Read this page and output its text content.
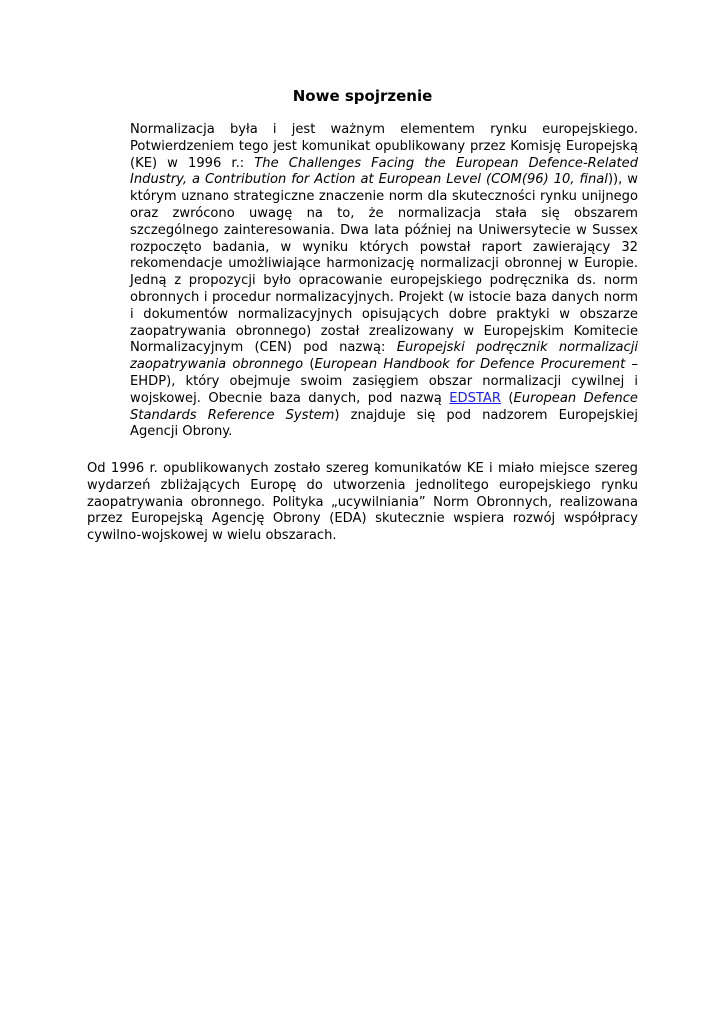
Nowe spojrzenie

Normalizacja była i jest ważnym elementem rynku europejskiego. Potwierdzeniem tego jest komunikat opublikowany przez Komisję Europejską (KE) w 1996 r.: The Challenges Facing the European Defence-Related Industry, a Contribution for Action at European Level (COM(96) 10, final)), w którym uznano strategiczne znaczenie norm dla skuteczności rynku unijnego oraz zwrócono uwagę na to, że normalizacja stała się obszarem szczególnego zainteresowania. Dwa lata później na Uniwersytecie w Sussex rozpoczęto badania, w wyniku których powstał raport zawierający 32 rekomendacje umożliwiające harmonizację normalizacji obronnej w Europie. Jedną z propozycji było opracowanie europejskiego podręcznika ds. norm obronnych i procedur normalizacyjnych. Projekt (w istocie baza danych norm i dokumentów normalizacyjnych opisujących dobre praktyki w obszarze zaopatrywania obronnego) został zrealizowany w Europejskim Komitecie Normalizacyjnym (CEN) pod nazwą: Europejski podręcznik normalizacji zaopatrywania obronnego (European Handbook for Defence Procurement – EHDP), który obejmuje swoim zasięgiem obszar normalizacji cywilnej i wojskowej. Obecnie baza danych, pod nazwą EDSTAR (European Defence Standards Reference System) znajduje się pod nadzorem Europejskiej Agencji Obrony.

Od 1996 r. opublikowanych zostało szereg komunikatów KE i miało miejsce szereg wydarzeń zbliżających Europę do utworzenia jednolitego europejskiego rynku zaopatrywania obronnego. Polityka „ucywilniania” Norm Obronnych, realizowana przez Europejską Agencję Obrony (EDA) skutecznie wspiera rozwój współpracy cywilno-wojskowej w wielu obszarach.
